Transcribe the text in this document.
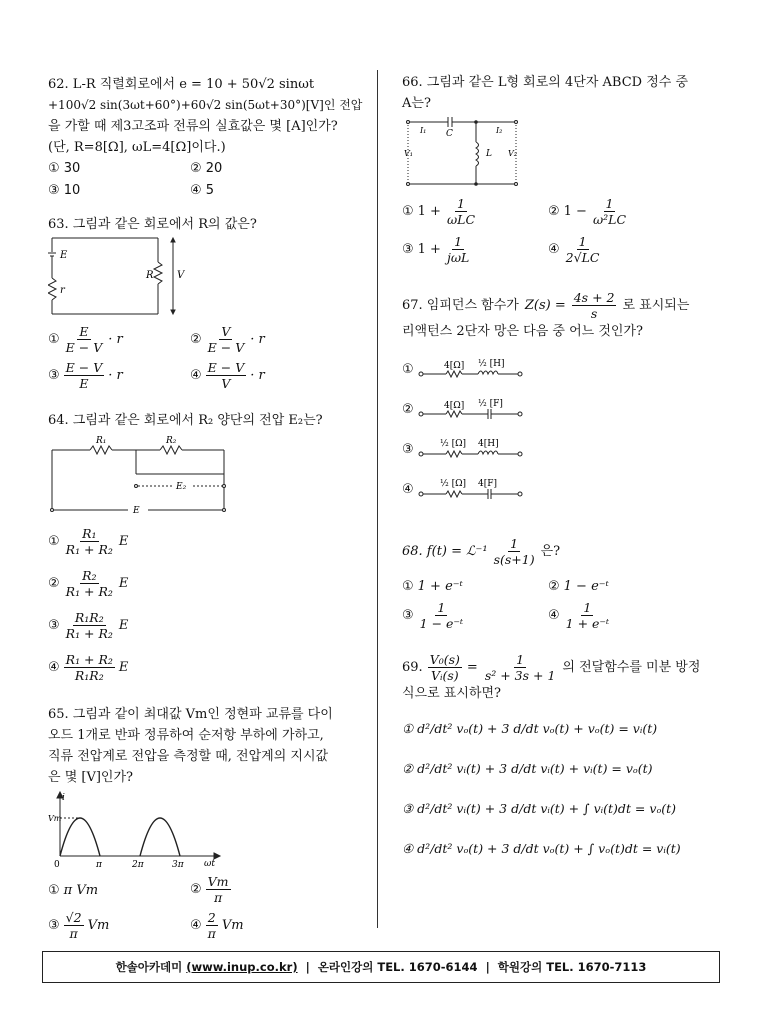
62. L-R 직렬회로에서 e = 10 + 50√2 sinωt
+100√2 sin(3ωt+60°)+60√2 sin(5ωt+30°)[V]인 전압
을 가할 때 제3고조파 전류의 실효값은 몇 [A]인가?
(단, R=8[Ω], ωL=4[Ω]이다.)
① 30	② 20
③ 10	④ 5
63. 그림과 같은 회로에서 R의 값은?
E
r
R V
① $\frac{E}{E - V} \cdot r$	② $\frac{V}{E - V} \cdot r$
③ $\frac{E - V}{E} \cdot r$	④ $\frac{E - V}{V} \cdot r$
64. 그림과 같은 회로에서 R₂ 양단의 전압 E₂는?
R₁	R₂
E₂
E
① $\frac{\text{R₁}}{\text{R₁ + R₂}}$ E
② $\frac{\text{R₂}}{\text{R₁ + R₂}}$ E
③ $\frac{\text{R₁R₂}}{\text{R₁ + R₂}}$ E
④ $\frac{\text{R₁ + R₂}}{\text{R₁R₂}}$ E
65. 그림과 같이 최대값 Vm인 정현파 교류를 다이
오드 1개로 반파 정류하여 순저항 부하에 가하고,
직류 전압계로 전압을 측정할 때, 전압계의 지시값
은 몇 [V]인가?
i
Vm
0	π	2π	3π ωt
① π Vm	② $\frac{Vm}{\pi}$
③ $\frac{√2}{\pi}$ Vm	④ $\frac{2}{\pi}$ Vm
66. 그림과 같은 L형 회로의 4단자 ABCD 정수 중
A는?
I₁ C	I₂
V₁	L V₂
① $1 + \frac{1}{\text{ωLC}}$	② $1 - \frac{1}{\text{ω²LC}}$
③ $1 + \frac{1}{\text{jωL}}$	④ $\frac{1}{2√LC}$
67. 임피던스 함수가 $Z(s) = \frac{4s + 2}{s}$ 로 표시되는
리액턴스 2단자 망은 다음 중 어느 것인가?
①	4[Ω] ½ [H]
②	4[Ω] ½ [F]
③	½ [Ω] 4[H]
④	½ [Ω] 4[F]
68. f(t) = ℒ⁻¹ $\frac{1}{s(s+1)}$ 은?
① 1 + e⁻ᵗ	② 1 − e⁻ᵗ
③ $\frac{1}{\text{1 − e⁻ᵗ}}$	④ $\frac{1}{\text{1 + e⁻ᵗ}}$
69. $\frac{\text{V₀(s)}}{\text{Vᵢ(s)}} = \frac{1}{\text{s² + 3s + 1}}$ 의 전달함수를 미분 방정
식으로 표시하면?
① d²/dt² vₒ(t) + 3 d/dt vₒ(t) + vₒ(t) = vᵢ(t)
② d²/dt² vᵢ(t) + 3 d/dt vᵢ(t) + vᵢ(t) = vₒ(t)
③ d²/dt² vᵢ(t) + 3 d/dt vᵢ(t) + ∫ vᵢ(t)dt = vₒ(t)
④ d²/dt² vₒ(t) + 3 d/dt vₒ(t) + ∫ vₒ(t)dt = vᵢ(t)
한솔아카데미
(www.inup.co.kr)
|
온라인강의 TEL. 1670-6144
|
학원강의 TEL. 1670-7113
